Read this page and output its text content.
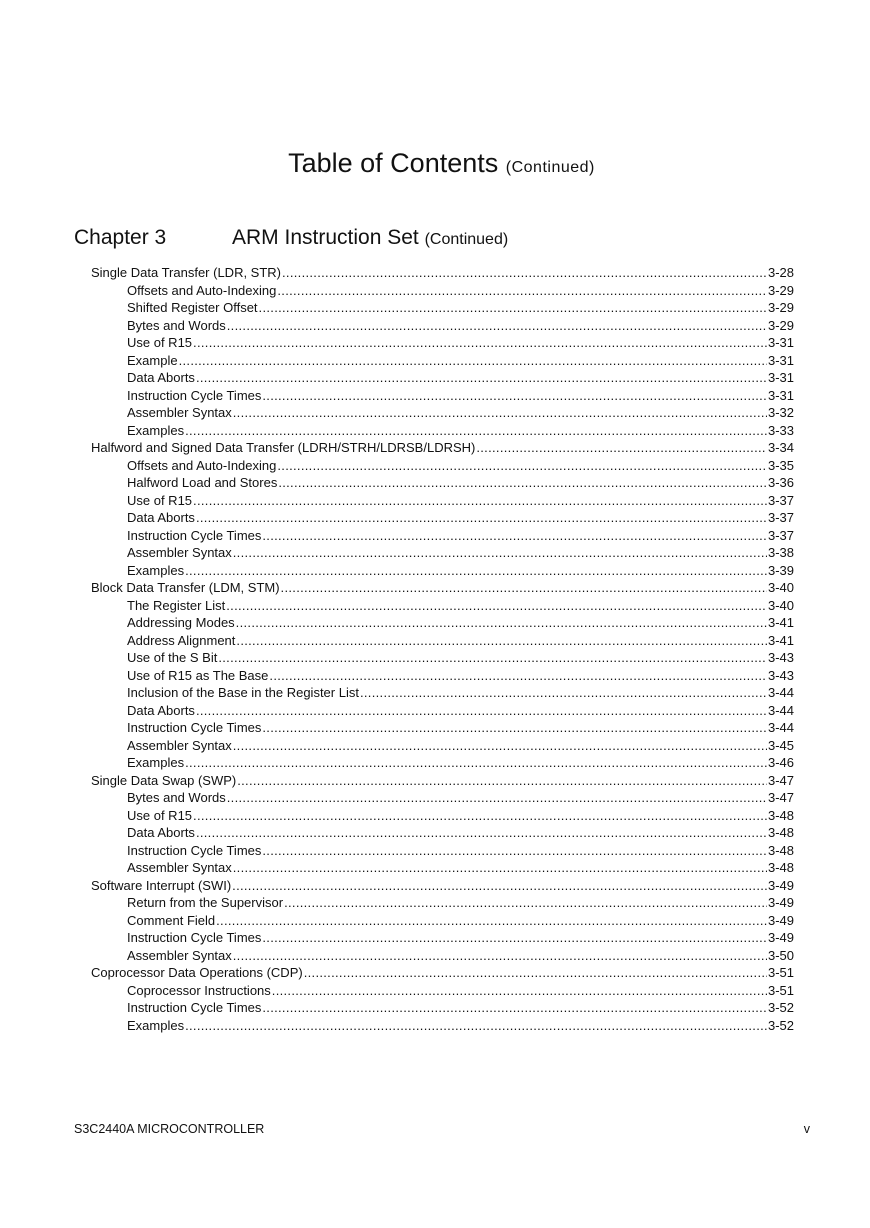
Table of Contents (Continued)
Chapter 3	ARM Instruction Set (Continued)
Single Data Transfer (LDR, STR) .....	3-28
Offsets and Auto-Indexing .....	3-29
Shifted Register Offset .....	3-29
Bytes and Words .....	3-29
Use of R15 .....	3-31
Example .....	3-31
Data Aborts .....	3-31
Instruction Cycle Times .....	3-31
Assembler Syntax .....	3-32
Examples .....	3-33
Halfword and Signed Data Transfer (LDRH/STRH/LDRSB/LDRSH) .....	3-34
Offsets and Auto-Indexing .....	3-35
Halfword Load and Stores .....	3-36
Use of R15 .....	3-37
Data Aborts .....	3-37
Instruction Cycle Times .....	3-37
Assembler Syntax .....	3-38
Examples .....	3-39
Block Data Transfer (LDM, STM) .....	3-40
The Register List .....	3-40
Addressing Modes .....	3-41
Address Alignment .....	3-41
Use of the S Bit .....	3-43
Use of R15 as The Base .....	3-43
Inclusion of the Base in the Register List .....	3-44
Data Aborts .....	3-44
Instruction Cycle Times .....	3-44
Assembler Syntax .....	3-45
Examples .....	3-46
Single Data Swap (SWP) .....	3-47
Bytes and Words .....	3-47
Use of R15 .....	3-48
Data Aborts .....	3-48
Instruction Cycle Times .....	3-48
Assembler Syntax .....	3-48
Software Interrupt (SWI) .....	3-49
Return from the Supervisor .....	3-49
Comment Field .....	3-49
Instruction Cycle Times .....	3-49
Assembler Syntax .....	3-50
Coprocessor Data Operations (CDP) .....	3-51
Coprocessor Instructions .....	3-51
Instruction Cycle Times .....	3-52
Examples .....	3-52
S3C2440A MICROCONTROLLER	v
